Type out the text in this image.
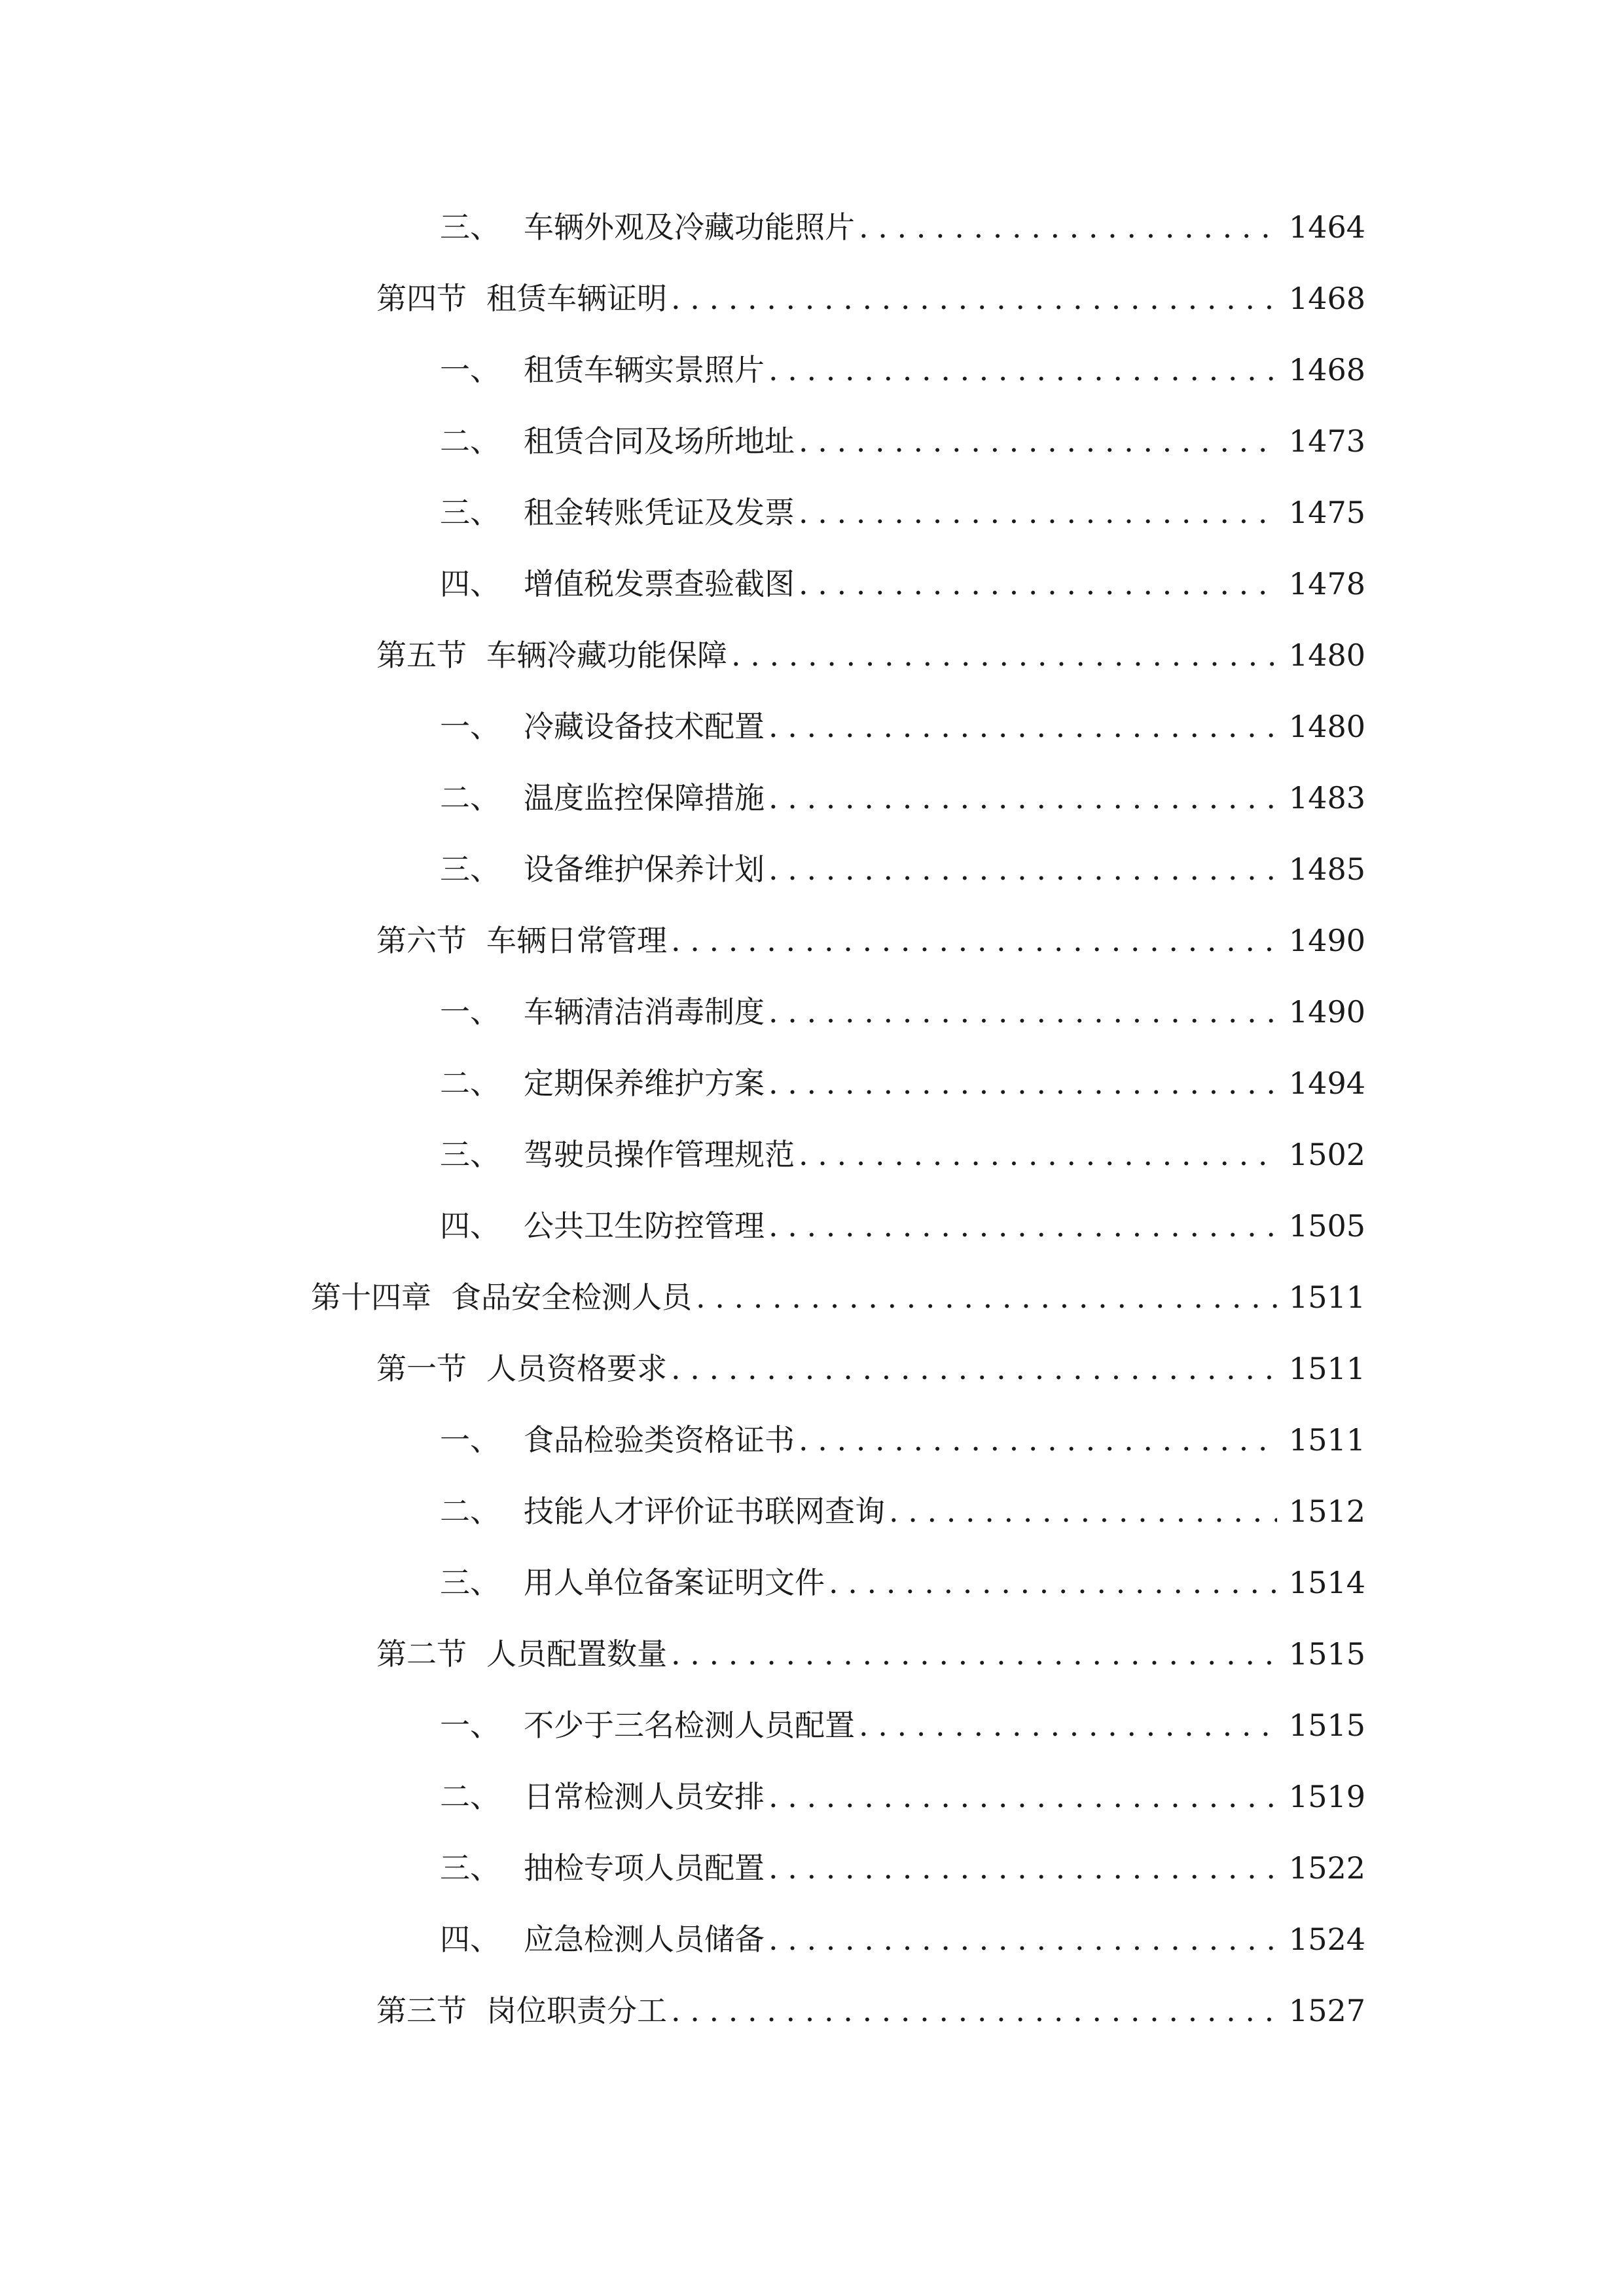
三、 车辆外观及冷藏功能照片 . . .	1464
第四节 租赁车辆证明 . . .	1468
一、 租赁车辆实景照片 . . .	1468
二、 租赁合同及场所地址 . . .	1473
三、 租金转账凭证及发票 . . .	1475
四、 增值税发票查验截图 . . .	1478
第五节 车辆冷藏功能保障 . . .	1480
一、 冷藏设备技术配置 . . .	1480
二、 温度监控保障措施 . . .	1483
三、 设备维护保养计划 . . .	1485
第六节 车辆日常管理 . . .	1490
一、 车辆清洁消毒制度 . . .	1490
二、 定期保养维护方案 . . .	1494
三、 驾驶员操作管理规范 . . .	1502
四、 公共卫生防控管理 . . .	1505
第十四章 食品安全检测人员 . . .	1511
第一节 人员资格要求 . . .	1511
一、 食品检验类资格证书 . . .	1511
二、 技能人才评价证书联网查询 . . .	1512
三、 用人单位备案证明文件 . . .	1514
第二节 人员配置数量 . . .	1515
一、 不少于三名检测人员配置 . . .	1515
二、 日常检测人员安排 . . .	1519
三、 抽检专项人员配置 . . .	1522
四、 应急检测人员储备 . . .	1524
第三节 岗位职责分工 . . .	1527
